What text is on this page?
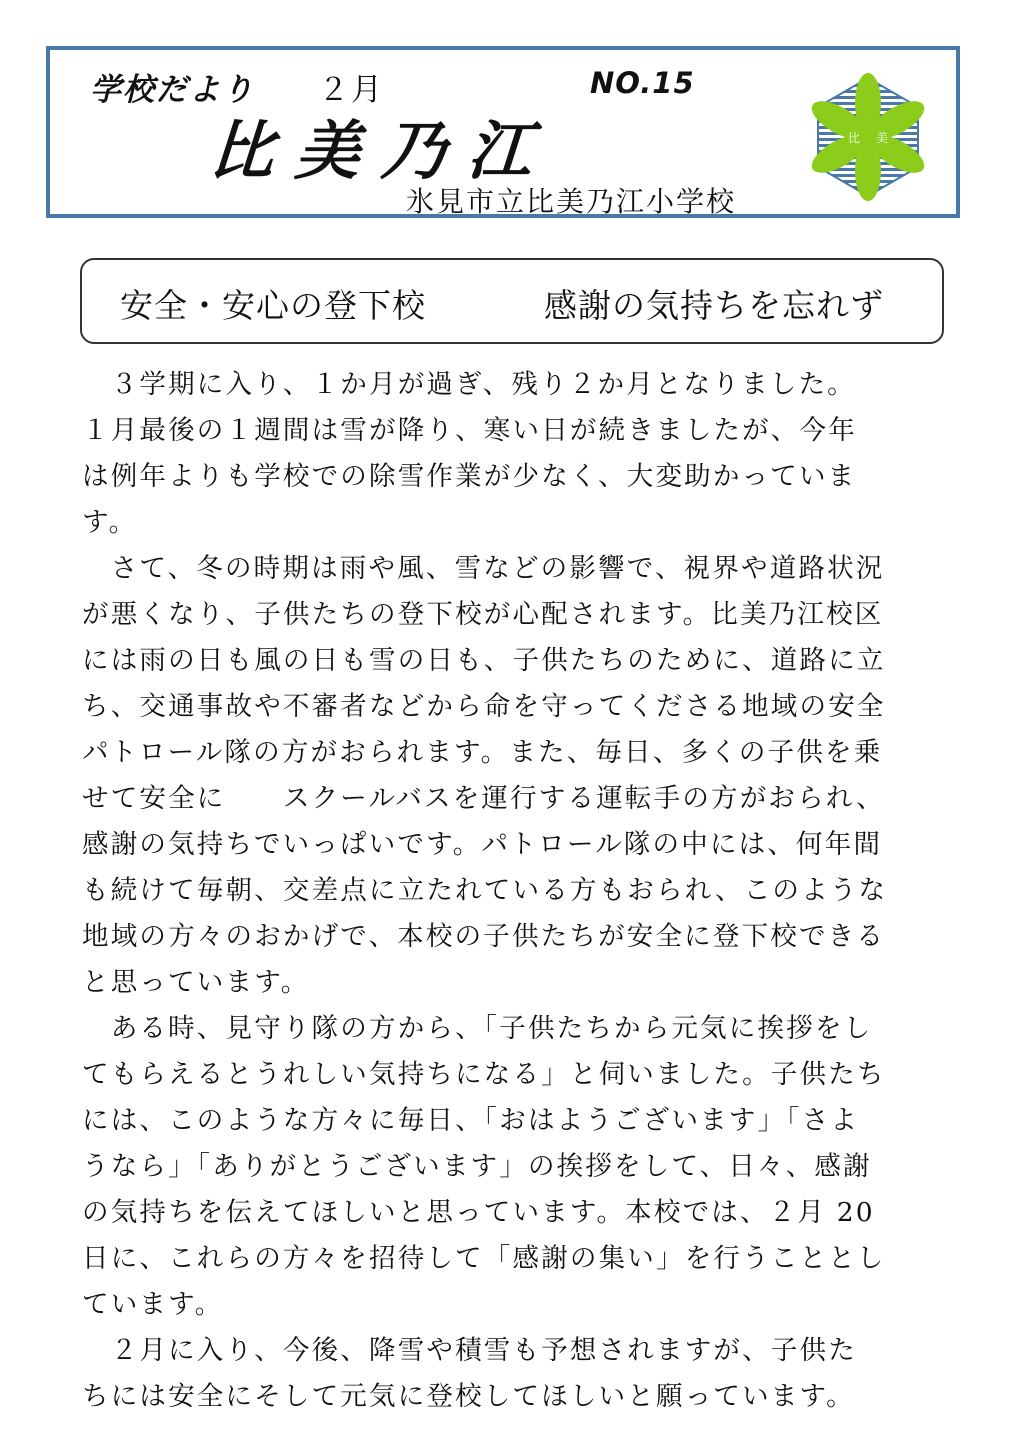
学校だより ２月	NO.15
比美乃江
氷見市立比美乃江小学校
比 美
安全・安心の登下校	感謝の気持ちを忘れず
　３学期に入り、１か月が過ぎ、残り２か月となりました。
１月最後の１週間は雪が降り、寒い日が続きましたが、今年
は例年よりも学校での除雪作業が少なく、大変助かっていま
す。
　さて、冬の時期は雨や風、雪などの影響で、視界や道路状況
が悪くなり、子供たちの登下校が心配されます。比美乃江校区
には雨の日も風の日も雪の日も、子供たちのために、道路に立
ち、交通事故や不審者などから命を守ってくださる地域の安全
パトロール隊の方がおられます。また、毎日、多くの子供を乗
せて安全に　　スクールバスを運行する運転手の方がおられ、
感謝の気持ちでいっぱいです。パトロール隊の中には、何年間
も続けて毎朝、交差点に立たれている方もおられ、このような
地域の方々のおかげで、本校の子供たちが安全に登下校できる
と思っています。
　ある時、見守り隊の方から、「子供たちから元気に挨拶をし
てもらえるとうれしい気持ちになる」と伺いました。子供たち
には、このような方々に毎日、「おはようございます」「さよ
うなら」「ありがとうございます」の挨拶をして、日々、感謝
の気持ちを伝えてほしいと思っています。本校では、２月 20
日に、これらの方々を招待して「感謝の集い」を行うこととし
ています。
　２月に入り、今後、降雪や積雪も予想されますが、子供た
ちには安全にそして元気に登校してほしいと願っています。
